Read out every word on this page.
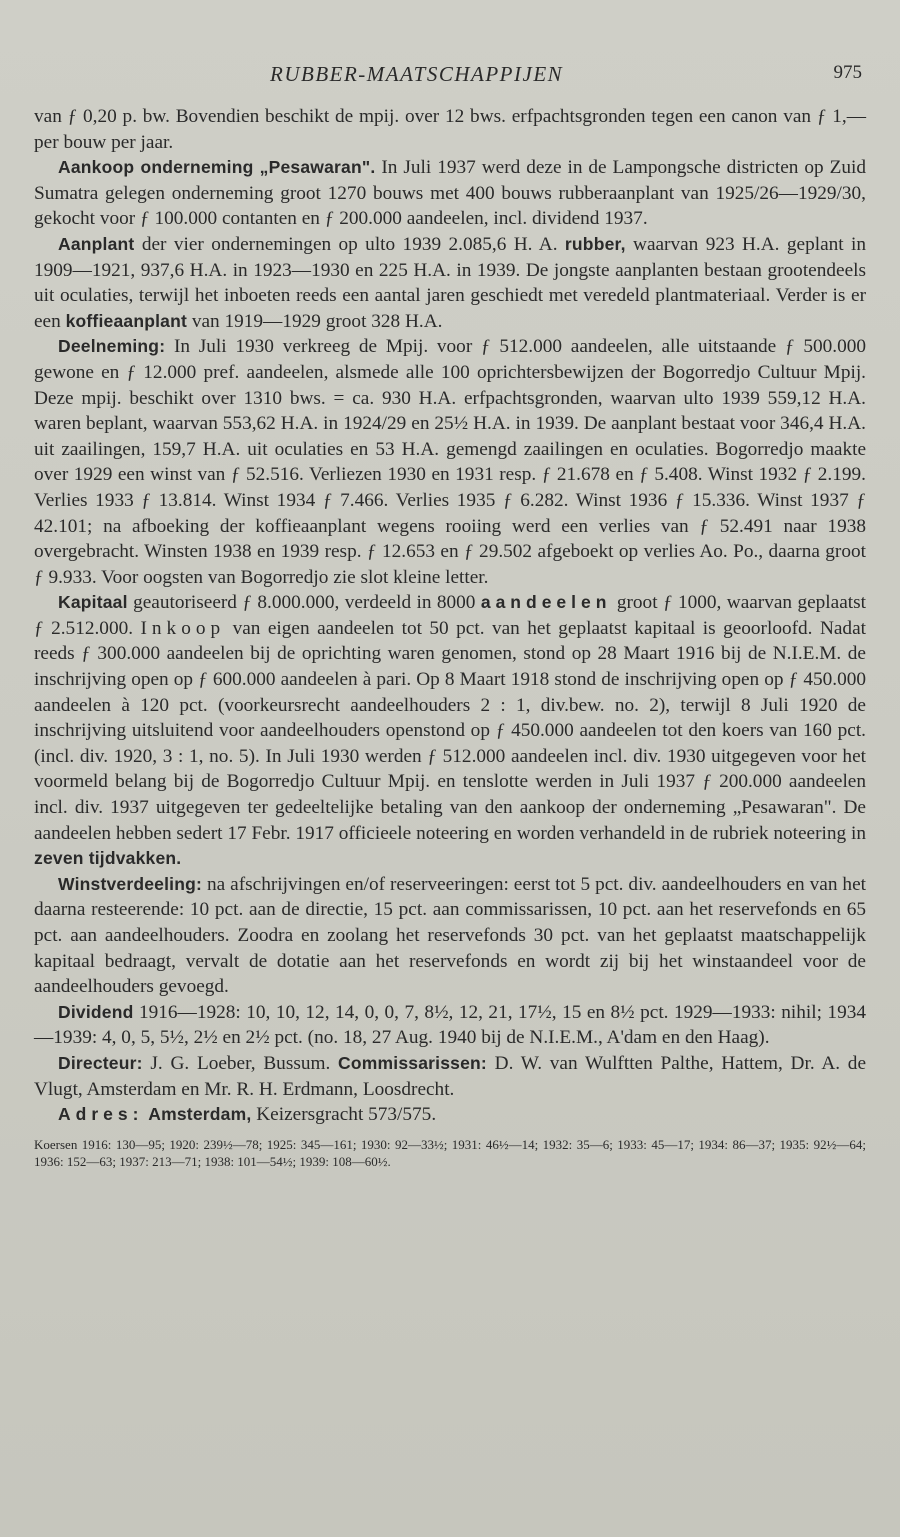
RUBBER-MAATSCHAPPIJEN	975

van ƒ 0,20 p. bw. Bovendien beschikt de mpij. over 12 bws. erfpachtsgronden tegen een canon van ƒ 1,— per bouw per jaar.

Aankoop onderneming „Pesawaran". In Juli 1937 werd deze in de Lampongsche districten op Zuid Sumatra gelegen onderneming groot 1270 bouws met 400 bouws rubberaanplant van 1925/26—1929/30, gekocht voor ƒ 100.000 contanten en ƒ 200.000 aandeelen, incl. dividend 1937.

Aanplant der vier ondernemingen op ulto 1939 2.085,6 H. A. rubber, waarvan 923 H.A. geplant in 1909—1921, 937,6 H.A. in 1923—1930 en 225 H.A. in 1939. De jongste aanplanten bestaan grootendeels uit oculaties, terwijl het inboeten reeds een aantal jaren geschiedt met veredeld plantmateriaal. Verder is er een koffieaanplant van 1919—1929 groot 328 H.A.

Deelneming: In Juli 1930 verkreeg de Mpij. voor ƒ 512.000 aandeelen, alle uitstaande ƒ 500.000 gewone en ƒ 12.000 pref. aandeelen, alsmede alle 100 oprichtersbewijzen der Bogorredjo Cultuur Mpij. Deze mpij. beschikt over 1310 bws. = ca. 930 H.A. erfpachtsgronden, waarvan ulto 1939 559,12 H.A. waren beplant, waarvan 553,62 H.A. in 1924/29 en 25½ H.A. in 1939. De aanplant bestaat voor 346,4 H.A. uit zaailingen, 159,7 H.A. uit oculaties en 53 H.A. gemengd zaailingen en oculaties. Bogorredjo maakte over 1929 een winst van ƒ 52.516. Verliezen 1930 en 1931 resp. ƒ 21.678 en ƒ 5.408. Winst 1932 ƒ 2.199. Verlies 1933 ƒ 13.814. Winst 1934 ƒ 7.466. Verlies 1935 ƒ 6.282. Winst 1936 ƒ 15.336. Winst 1937 ƒ 42.101; na afboeking der koffieaanplant wegens rooiing werd een verlies van ƒ 52.491 naar 1938 overgebracht. Winsten 1938 en 1939 resp. ƒ 12.653 en ƒ 29.502 afgeboekt op verlies Ao. Po., daarna groot ƒ 9.933. Voor oogsten van Bogorredjo zie slot kleine letter.

Kapitaal geautoriseerd ƒ 8.000.000, verdeeld in 8000 aandeelen groot ƒ 1000, waarvan geplaatst ƒ 2.512.000. Inkoop van eigen aandeelen tot 50 pct. van het geplaatst kapitaal is geoorloofd. Nadat reeds ƒ 300.000 aandeelen bij de oprichting waren genomen, stond op 28 Maart 1916 bij de N.I.E.M. de inschrijving open op ƒ 600.000 aandeelen à pari. Op 8 Maart 1918 stond de inschrijving open op ƒ 450.000 aandeelen à 120 pct. (voorkeursrecht aandeelhouders 2 : 1, div.bew. no. 2), terwijl 8 Juli 1920 de inschrijving uitsluitend voor aandeelhouders openstond op ƒ 450.000 aandeelen tot den koers van 160 pct. (incl. div. 1920, 3 : 1, no. 5). In Juli 1930 werden ƒ 512.000 aandeelen incl. div. 1930 uitgegeven voor het voormeld belang bij de Bogorredjo Cultuur Mpij. en tenslotte werden in Juli 1937 ƒ 200.000 aandeelen incl. div. 1937 uitgegeven ter gedeeltelijke betaling van den aankoop der onderneming „Pesawaran". De aandeelen hebben sedert 17 Febr. 1917 officieele noteering en worden verhandeld in de rubriek noteering in zeven tijdvakken.

Winstverdeeling: na afschrijvingen en/of reserveeringen: eerst tot 5 pct. div. aandeelhouders en van het daarna resteerende: 10 pct. aan de directie, 15 pct. aan commissarissen, 10 pct. aan het reservefonds en 65 pct. aan aandeelhouders. Zoodra en zoolang het reservefonds 30 pct. van het geplaatst maatschappelijk kapitaal bedraagt, vervalt de dotatie aan het reservefonds en wordt zij bij het winstaandeel voor de aandeelhouders gevoegd.

Dividend 1916—1928: 10, 10, 12, 14, 0, 0, 7, 8½, 12, 21, 17½, 15 en 8½ pct. 1929—1933: nihil; 1934—1939: 4, 0, 5, 5½, 2½ en 2½ pct. (no. 18, 27 Aug. 1940 bij de N.I.E.M., A'dam en den Haag).

Directeur: J. G. Loeber, Bussum. Commissarissen: D. W. van Wulftten Palthe, Hattem, Dr. A. de Vlugt, Amsterdam en Mr. R. H. Erdmann, Loosdrecht.

Adres: Amsterdam, Keizersgracht 573/575.

Koersen 1916: 130—95; 1920: 239½—78; 1925: 345—161; 1930: 92—33½; 1931: 46½—14; 1932: 35—6; 1933: 45—17; 1934: 86—37; 1935: 92½—64; 1936: 152—63; 1937: 213—71; 1938: 101—54½; 1939: 108—60½.
